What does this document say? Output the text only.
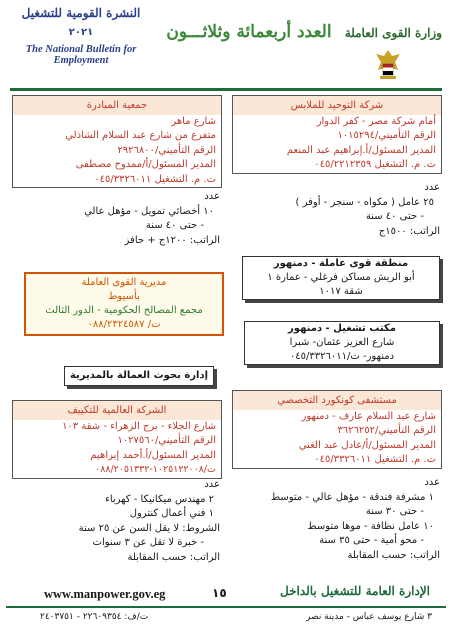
وزارة القوى العاملة
العدد أربعمائة وثلاثـــون
النشرة القومية للتشغيل
٢٠٢١
The National Bulletin for Employment
شركة التوحيد للملابس
أمام شركة مصر - كفر الدوار
الرقم التأميني/١٠١٥٢٩٤
المدير المسئول/أ.إبراهيم عبد المنعم
ت. م. التشغيل ٠٤٥/٢٢١٢٣٥٩
عدد
٢٥ عامل ( مكواه - سنجر - أوفر )
- حتى ٤٠ سنة
الراتب: ١٥٠٠ج
منطقة قوى عاملة - دمنهور
أبو الريش مساكن فرغلي - عمارة ١
شقة ١٠١٧
مكتب تشغيل - دمنهور
شارع العزيز عثمان- شبرا
دمنهور- ت/٠٤٥/٣٣٢٦٠١١
مستشفى كونكورد التخصصي
شارع عبد السلام عارف - دمنهور
الرقم التأميني/٣٦٢٦٢٥٢
المدير المسئول/أ/عادل عبد الغني
ت. م. التشغيل ٠٤٥/٣٣٢٦٠١١
عدد
١ مشرفة فندقة - مؤهل عالي - متوسط
- حتى ٣٠ سنة
١٠ عامل نظافة - موها متوسط
- محو أمية - حتى ٣٥ سنة
الراتب: حسب المقابلة
جمعية المبادرة
شارع ماهر
متفرع من شارع عبد السلام الشاذلي
الرقم التأميني/٢٩٢٦٨٠٠
المدير المسئول/أ/ممدوح مصطفى
ت. م. التشغيل ٠٤٥/٣٣٢٦٠١١
عدد
١٠ أخصائي تمويل - مؤهل عالي
- حتى ٤٠ سنة
الراتب: ١٢٠٠ج + حافز
مديرية القوى العاملة
بأسيوط
مجمع المصالح الحكومية - الدور الثالث
ت/ ٠٨٨/٢٣٢٤٥٨٧
إدارة بحوث العمالة بالمديرية
الشركة العالمية للتكييف
شارع الجلاء - برج الزهراء - شقة ١٠٣
الرقم التأميني/١٠٢٧٥٦٠
المدير المسئول/أ.أحمد إبراهيم
ت/١٠٢٥١٢٢٠٠٨-٠٨٨/٢٠٥١٣٣٢
عدد
٢ مهندس ميكانيكا - كهرباء
١ فني أعمال كنترول
الشروط: لا يقل السن عن ٢٥ سنة
- خبرة لا تقل عن ٣ سنوات
الراتب: حسب المقابلة
www.manpower.gov.eg	١٥	الإدارة العامة للتشغيل بالداخل
٣ شارع يوسف عباس - مدينة نصر
ت/ف: ٢٢٦٠٩٣٥٤ - ٢٤٠٣٧٥١
